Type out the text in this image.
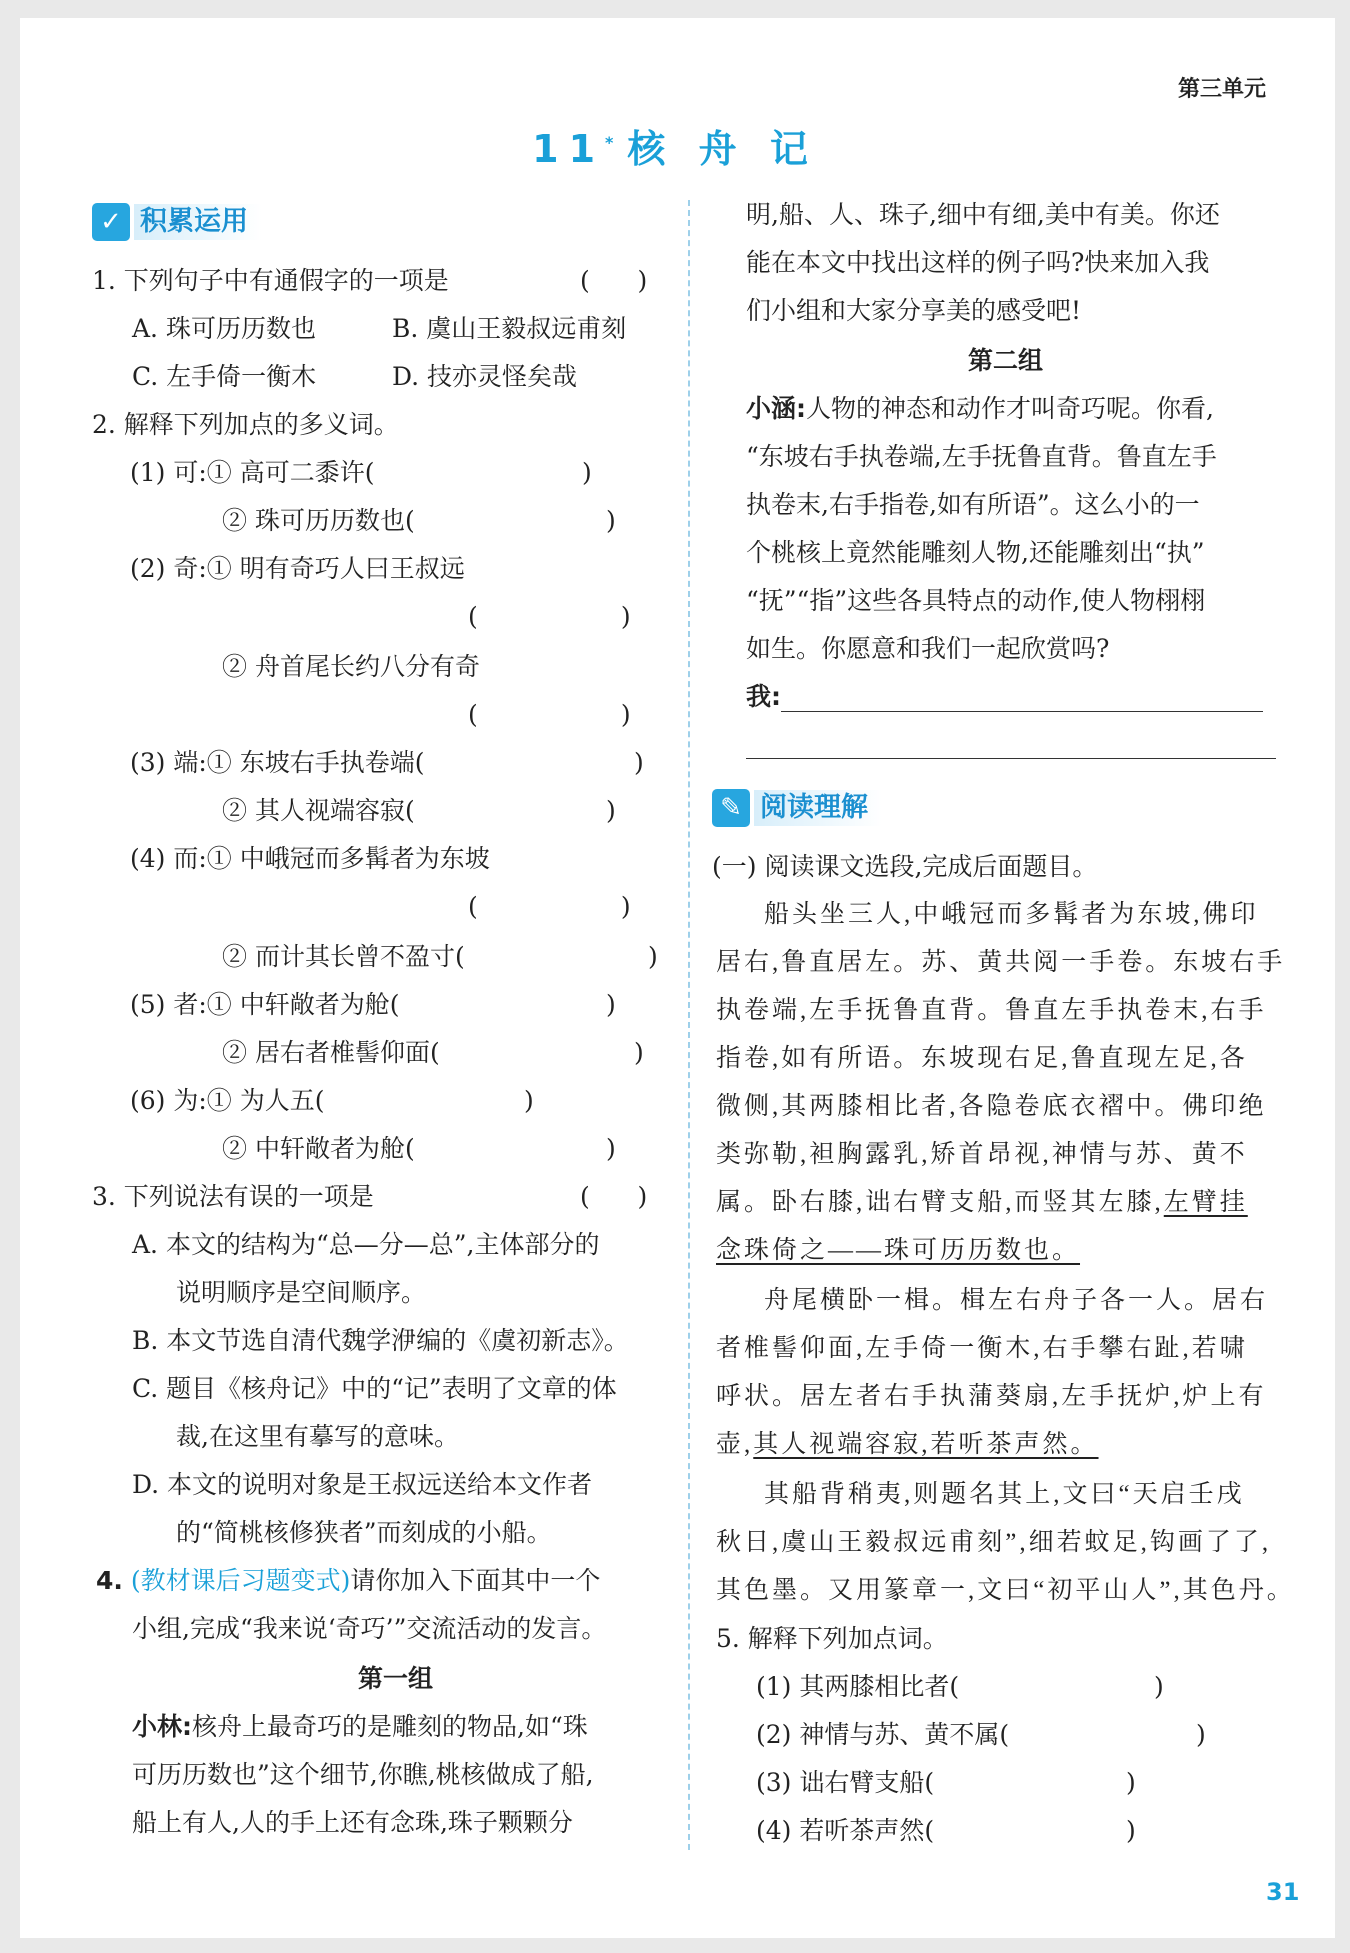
第三单元
11* 核 舟 记
✓ 积累运用
1. 下列句子中有通假字的一项是	( )
A. 珠可历历数也	B. 虞山王毅叔远甫刻
C. 左手倚一衡木	D. 技亦灵怪矣哉
2. 解释下列加点的多义词。
(1) 可:① 高可二黍许(	)
② 珠可历历数也(	)
(2) 奇:① 明有奇巧人曰王叔远
(	)
② 舟首尾长约八分有奇
(	)
(3) 端:① 东坡右手执卷端(	)
② 其人视端容寂(	)
(4) 而:① 中峨冠而多髯者为东坡
(	)
② 而计其长曾不盈寸(	)
(5) 者:① 中轩敞者为舱(	)
② 居右者椎髻仰面(	)
(6) 为:① 为人五(	)
② 中轩敞者为舱(	)
3. 下列说法有误的一项是	( )
A. 本文的结构为“总—分—总”,主体部分的
说明顺序是空间顺序。
B. 本文节选自清代魏学洢编的《虞初新志》。
C. 题目《核舟记》中的“记”表明了文章的体
裁,在这里有摹写的意味。
D. 本文的说明对象是王叔远送给本文作者
的“简桃核修狭者”而刻成的小船。
4. (教材课后习题变式)请你加入下面其中一个
小组,完成“我来说‘奇巧’”交流活动的发言。
第一组
小林:核舟上最奇巧的是雕刻的物品,如“珠
可历历数也”这个细节,你瞧,桃核做成了船,
船上有人,人的手上还有念珠,珠子颗颗分
明,船、人、珠子,细中有细,美中有美。你还
能在本文中找出这样的例子吗?快来加入我
们小组和大家分享美的感受吧!
第二组
小涵:人物的神态和动作才叫奇巧呢。你看,
“东坡右手执卷端,左手抚鲁直背。鲁直左手
执卷末,右手指卷,如有所语”。这么小的一
个桃核上竟然能雕刻人物,还能雕刻出“执”
“抚”“指”这些各具特点的动作,使人物栩栩
如生。你愿意和我们一起欣赏吗?
我:
✎ 阅读理解
(一) 阅读课文选段,完成后面题目。
船头坐三人,中峨冠而多髯者为东坡,佛印
居右,鲁直居左。苏、黄共阅一手卷。东坡右手
执卷端,左手抚鲁直背。鲁直左手执卷末,右手
指卷,如有所语。东坡现右足,鲁直现左足,各
微侧,其两膝相比者,各隐卷底衣褶中。佛印绝
类弥勒,袒胸露乳,矫首昂视,神情与苏、黄不
属。卧右膝,诎右臂支船,而竖其左膝,左臂挂
念珠倚之——珠可历历数也。
舟尾横卧一楫。楫左右舟子各一人。居右
者椎髻仰面,左手倚一衡木,右手攀右趾,若啸
呼状。居左者右手执蒲葵扇,左手抚炉,炉上有
壶,其人视端容寂,若听茶声然。
其船背稍夷,则题名其上,文曰“天启壬戌
秋日,虞山王毅叔远甫刻”,细若蚊足,钩画了了,
其色墨。又用篆章一,文曰“初平山人”,其色丹。
5. 解释下列加点词。
(1) 其两膝相比者(	)
(2) 神情与苏、黄不属(	)
(3) 诎右臂支船(	)
(4) 若听茶声然(	)
31
